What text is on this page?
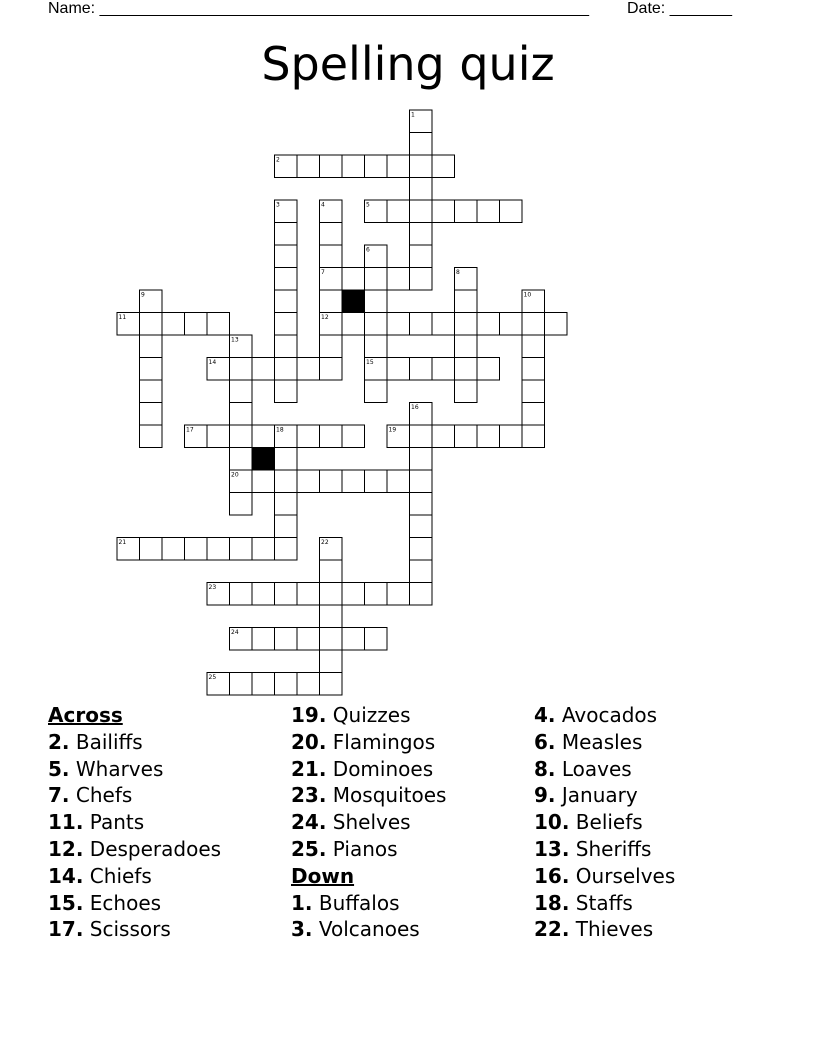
Name: _______________________________________________________ Date: _______
Spelling quiz
2
5
7
11	12
14	15
17	19
20
21
23
24
25
1
3	4
6
8
9	10
13
16
18
22
Across
2. Bailiffs
5. Wharves
7. Chefs
11. Pants
12. Desperadoes
14. Chiefs
15. Echoes
17. Scissors
19. Quizzes
20. Flamingos
21. Dominoes
23. Mosquitoes
24. Shelves
25. Pianos
Down
1. Buffalos
3. Volcanoes
4. Avocados
6. Measles
8. Loaves
9. January
10. Beliefs
13. Sheriffs
16. Ourselves
18. Staffs
22. Thieves
